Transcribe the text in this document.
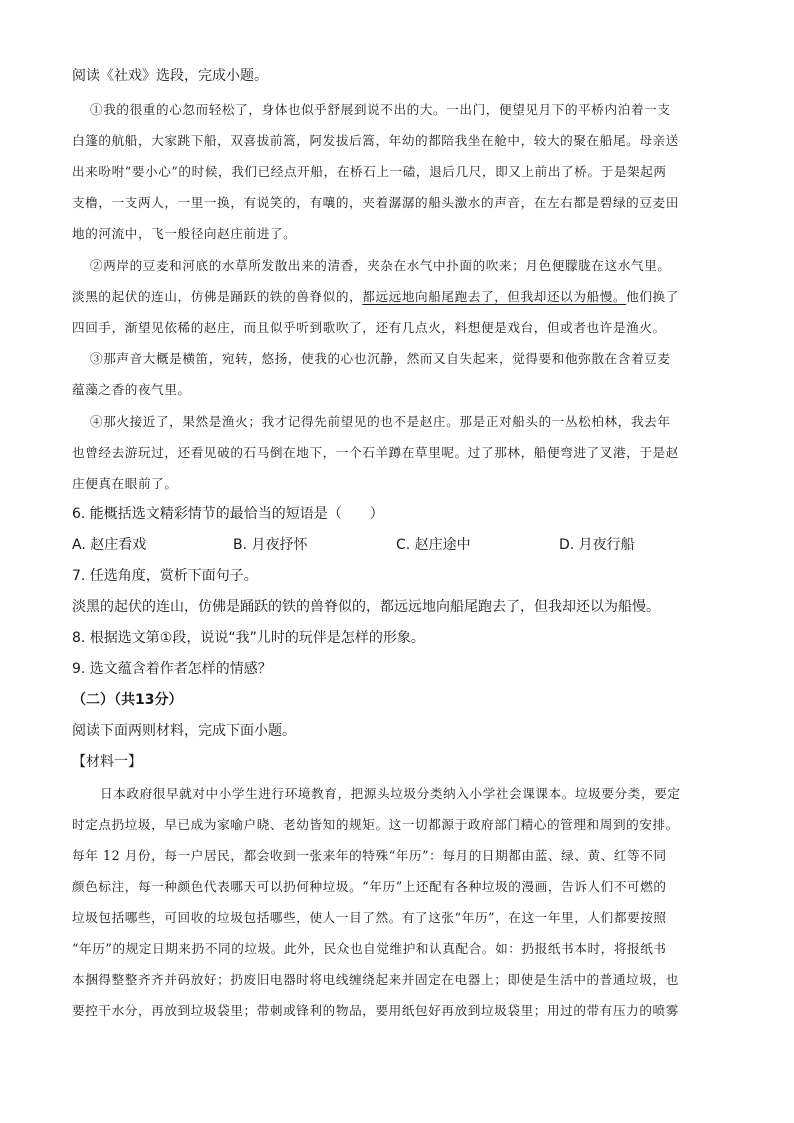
阅读《社戏》选段，完成小题。
①我的很重的心忽而轻松了，身体也似乎舒展到说不出的大。一出门，便望见月下的平桥内泊着一支
白篷的航船，大家跳下船，双喜拔前篙，阿发拔后篙，年幼的都陪我坐在舱中，较大的聚在船尾。母亲送
出来吩咐“要小心”的时候，我们已经点开船，在桥石上一磕，退后几尺，即又上前出了桥。于是架起两
支橹，一支两人，一里一换，有说笑的，有嚷的，夹着潺潺的船头激水的声音，在左右都是碧绿的豆麦田
地的河流中，飞一般径向赵庄前进了。
②两岸的豆麦和河底的水草所发散出来的清香，夹杂在水气中扑面的吹来；月色便朦胧在这水气里。
淡黑的起伏的连山，仿佛是踊跃的铁的兽脊似的，都远远地向船尾跑去了，但我却还以为船慢。他们换了
四回手，渐望见依稀的赵庄，而且似乎听到歌吹了，还有几点火，料想便是戏台，但或者也许是渔火。
③那声音大概是横笛，宛转，悠扬，使我的心也沉静，然而又自失起来，觉得要和他弥散在含着豆麦
蕴藻之香的夜气里。
④那火接近了，果然是渔火；我才记得先前望见的也不是赵庄。那是正对船头的一丛松柏林，我去年
也曾经去游玩过，还看见破的石马倒在地下，一个石羊蹲在草里呢。过了那林，船便弯进了叉港，于是赵
庄便真在眼前了。
6. 能概括选文精彩情节的最恰当的短语是（　　）
A. 赵庄看戏	B. 月夜抒怀	C. 赵庄途中	D. 月夜行船
7. 任选角度，赏析下面句子。
淡黑的起伏的连山，仿佛是踊跃的铁的兽脊似的，都远远地向船尾跑去了，但我却还以为船慢。
8. 根据选文第①段，说说“我”儿时的玩伴是怎样的形象。
9. 选文蕴含着作者怎样的情感？
（二）（共13分）
阅读下面两则材料，完成下面小题。
【材料一】
日本政府很早就对中小学生进行环境教育，把源头垃圾分类纳入小学社会课课本。垃圾要分类，要定
时定点扔垃圾，早已成为家喻户晓、老幼皆知的规矩。这一切都源于政府部门精心的管理和周到的安排。
每年 12 月份，每一户居民，都会收到一张来年的特殊“年历”：每月的日期都由蓝、绿、黄、红等不同
颜色标注，每一种颜色代表哪天可以扔何种垃圾。“年历”上还配有各种垃圾的漫画，告诉人们不可燃的
垃圾包括哪些，可回收的垃圾包括哪些，使人一目了然。有了这张“年历”，在这一年里，人们都要按照
“年历”的规定日期来扔不同的垃圾。此外，民众也自觉维护和认真配合。如：扔报纸书本时，将报纸书
本捆得整整齐齐并码放好；扔废旧电器时将电线缠绕起来并固定在电器上；即使是生活中的普通垃圾，也
要控干水分，再放到垃圾袋里；带刺或锋利的物品，要用纸包好再放到垃圾袋里；用过的带有压力的喷雾
